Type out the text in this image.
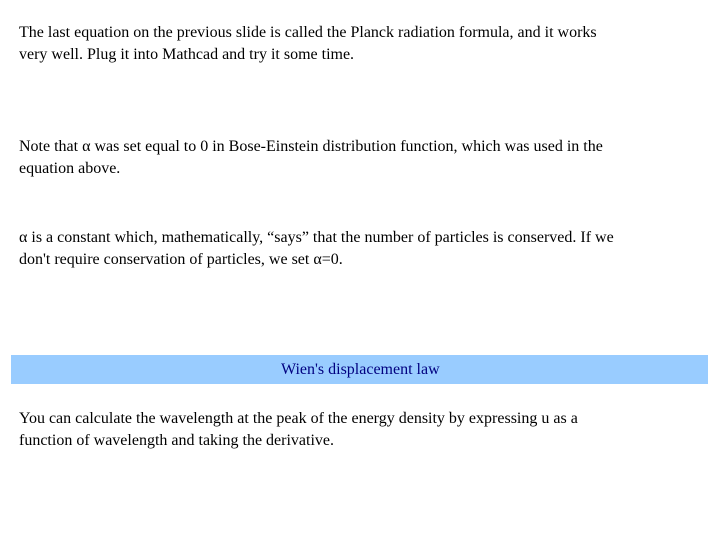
The last equation on the previous slide is called the Planck radiation formula, and it works
very well. Plug it into Mathcad and try it some time.

Note that α was set equal to 0 in Bose-Einstein distribution function, which was used in the
equation above.

α is a constant which, mathematically, “says” that the number of particles is conserved. If we
don't require conservation of particles, we set α=0.

Wien's displacement law

You can calculate the wavelength at the peak of the energy density by expressing u as a
function of wavelength and taking the derivative.
